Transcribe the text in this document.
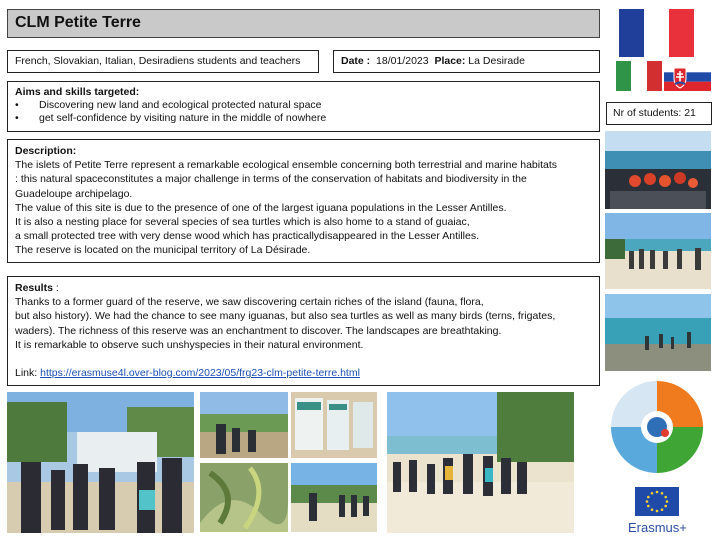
CLM Petite Terre
French, Slovakian, Italian, Desiradiens students and teachers	Date : 18/01/2023 Place: La Desirade
Aims and skills targeted:
•	Discovering new land and ecological protected natural space
•	get self-confidence by visiting nature in the middle of nowhere	Nr of students: 21
Description:
The islets of Petite Terre represent a remarkable ecological ensemble concerning both terrestrial and marine habitats
: this natural spaceconstitutes a major challenge in terms of the conservation of habitats and biodiversity in the
Guadeloupe archipelago.
The value of this site is due to the presence of one of the largest iguana populations in the Lesser Antilles.
It is also a nesting place for several species of sea turtles which is also home to a stand of guaiac,
a small protected tree with very dense wood which has practicallydisappeared in the Lesser Antilles.
The reserve is located on the municipal territory of La Désirade.
Results :
Thanks to a former guard of the reserve, we saw discovering certain riches of the island (fauna, flora,
but also history). We had the chance to see many iguanas, but also sea turtles as well as many birds (terns, frigates,
waders). The richness of this reserve was an enchantment to discover. The landscapes are breathtaking.
It is remarkable to observe such unshyspecies in their natural environment.
Link: https://erasmuse4l.over-blog.com/2023/05/frg23-clm-petite-terre.html
Erasmus+
